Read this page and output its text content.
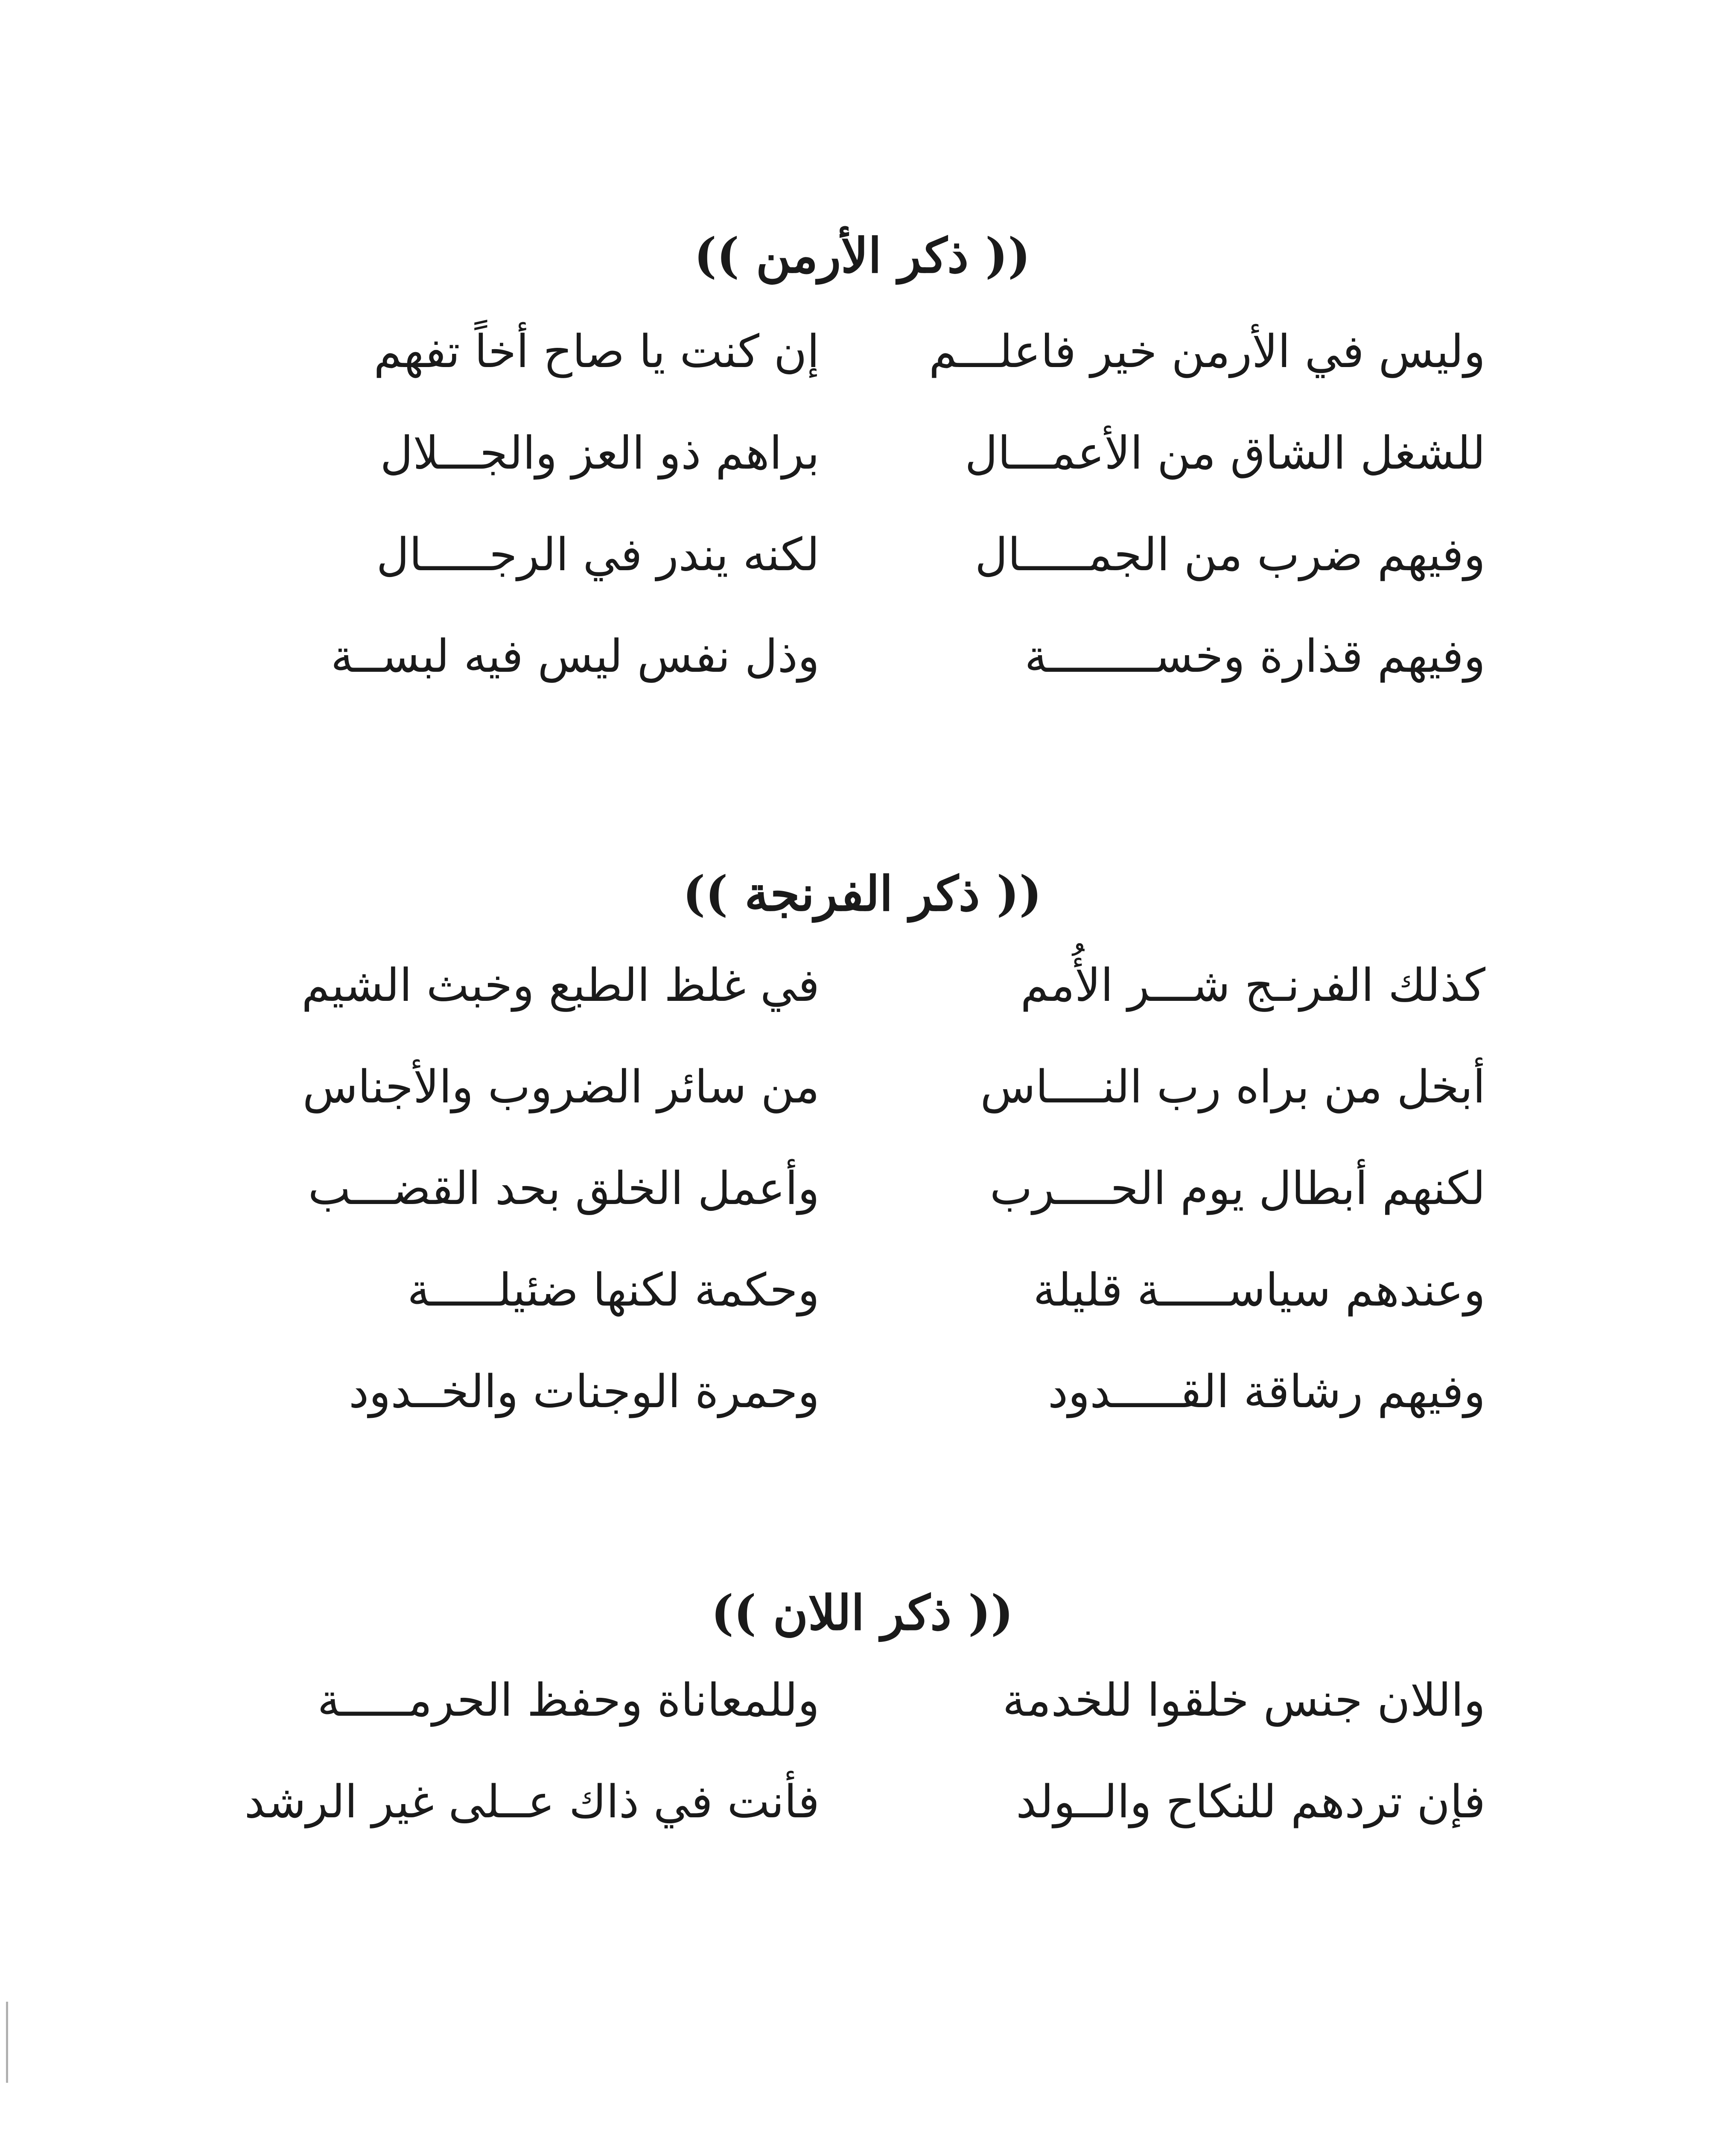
(( ذكر الأرمن ))
وليس في الأرمن خير فاعلـــم
إن كنت يا صاح أخاً تفهم
للشغل الشاق من الأعمـــال
براهم ذو العز والجـــلال
وفيهم ضرب من الجمـــــال
لكنه يندر في الرجـــــال
وفيهم قذارة وخســــــــة
وذل نفس ليس فيه لبســة
(( ذكر الفرنجة ))
كذلك الفرنـج شـــر الأُمم
في غلظ الطبع وخبث الشيم
أبخل من براه رب النــــاس
من سائر الضروب والأجناس
لكنهم أبطال يوم الحــــرب
وأعمل الخلق بحد القضـــب
وعندهم سياســـــة قليلة
وحكمة لكنها ضئيلـــــة
وفيهم رشاقة القـــــدود
وحمرة الوجنات والخــدود
(( ذكر اللان ))
واللان جنس خلقوا للخدمة
وللمعاناة وحفظ الحرمـــــة
فإن تردهم للنكاح والــولد
فأنت في ذاك عــلى غير الرشد
